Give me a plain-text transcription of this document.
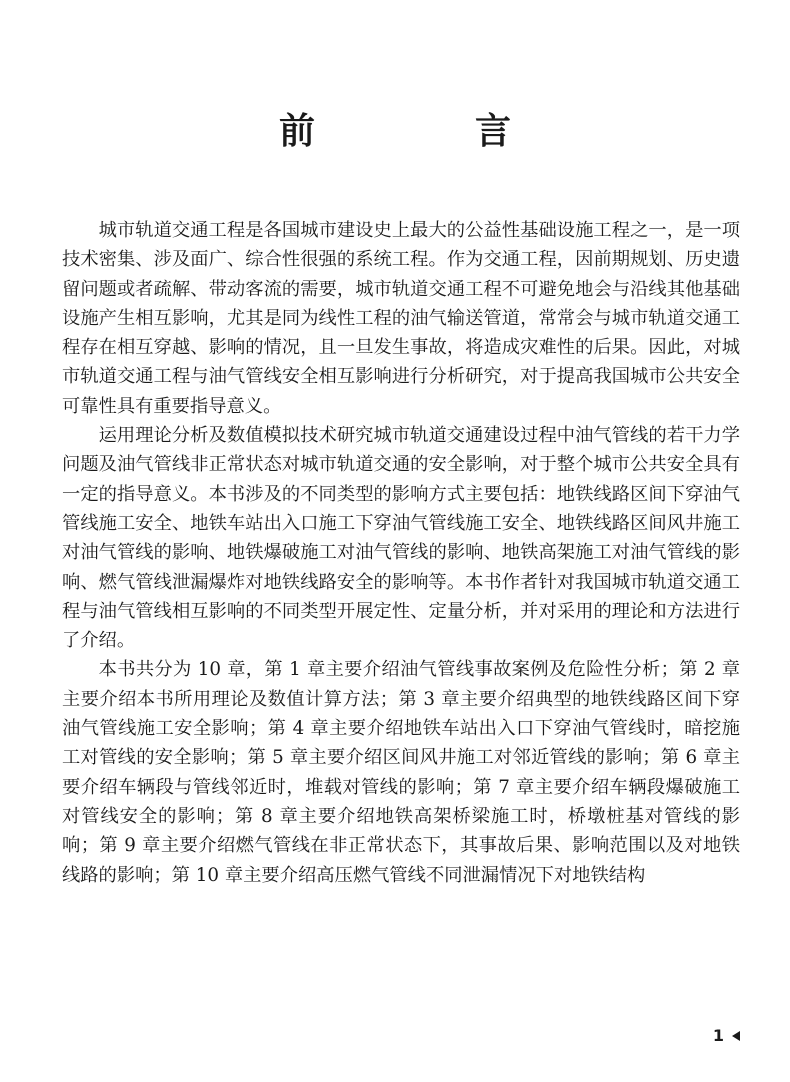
前　言

城市轨道交通工程是各国城市建设史上最大的公益性基础设施工程之一，是一项技术密集、涉及面广、综合性很强的系统工程。作为交通工程，因前期规划、历史遗留问题或者疏解、带动客流的需要，城市轨道交通工程不可避免地会与沿线其他基础设施产生相互影响，尤其是同为线性工程的油气输送管道，常常会与城市轨道交通工程存在相互穿越、影响的情况，且一旦发生事故，将造成灾难性的后果。因此，对城市轨道交通工程与油气管线安全相互影响进行分析研究，对于提高我国城市公共安全可靠性具有重要指导意义。

运用理论分析及数值模拟技术研究城市轨道交通建设过程中油气管线的若干力学问题及油气管线非正常状态对城市轨道交通的安全影响，对于整个城市公共安全具有一定的指导意义。本书涉及的不同类型的影响方式主要包括：地铁线路区间下穿油气管线施工安全、地铁车站出入口施工下穿油气管线施工安全、地铁线路区间风井施工对油气管线的影响、地铁爆破施工对油气管线的影响、地铁高架施工对油气管线的影响、燃气管线泄漏爆炸对地铁线路安全的影响等。本书作者针对我国城市轨道交通工程与油气管线相互影响的不同类型开展定性、定量分析，并对采用的理论和方法进行了介绍。

本书共分为 10 章，第 1 章主要介绍油气管线事故案例及危险性分析；第 2 章主要介绍本书所用理论及数值计算方法；第 3 章主要介绍典型的地铁线路区间下穿油气管线施工安全影响；第 4 章主要介绍地铁车站出入口下穿油气管线时，暗挖施工对管线的安全影响；第 5 章主要介绍区间风井施工对邻近管线的影响；第 6 章主要介绍车辆段与管线邻近时，堆载对管线的影响；第 7 章主要介绍车辆段爆破施工对管线安全的影响；第 8 章主要介绍地铁高架桥梁施工时，桥墩桩基对管线的影响；第 9 章主要介绍燃气管线在非正常状态下，其事故后果、影响范围以及对地铁线路的影响；第 10 章主要介绍高压燃气管线不同泄漏情况下对地铁结构

1
